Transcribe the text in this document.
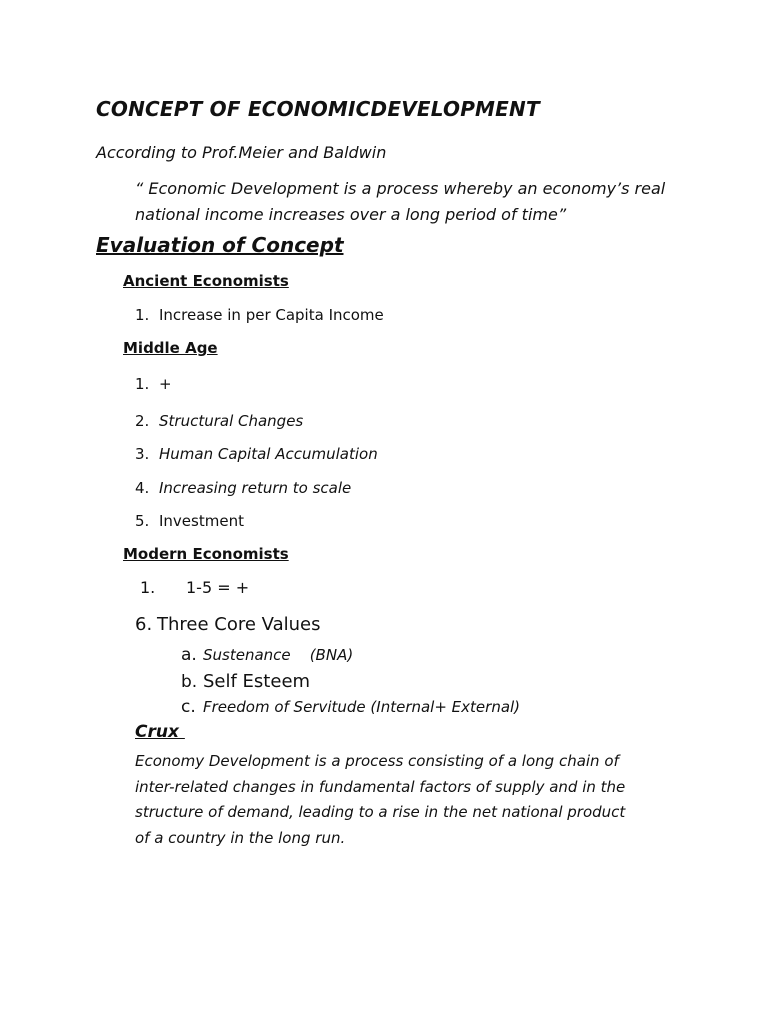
CONCEPT OF ECONOMICDEVELOPMENT
According to Prof.Meier and Baldwin
“ Economic Development is a process whereby an economy’s real
national income increases over a long period of time”
Evaluation of Concept
Ancient Economists
1. Increase in per Capita Income
Middle Age
1. +
2. Structural Changes
3. Human Capital Accumulation
4. Increasing return to scale
5. Investment
Modern Economists
1. 1-5 = +
6. Three Core Values
a. Sustenance    (BNA)
b. Self Esteem
c. Freedom of Servitude (Internal+ External)
Crux
Economy Development is a process consisting of a long chain of
inter-related changes in fundamental factors of supply and in the
structure of demand, leading to a rise in the net national product
of a country in the long run.
